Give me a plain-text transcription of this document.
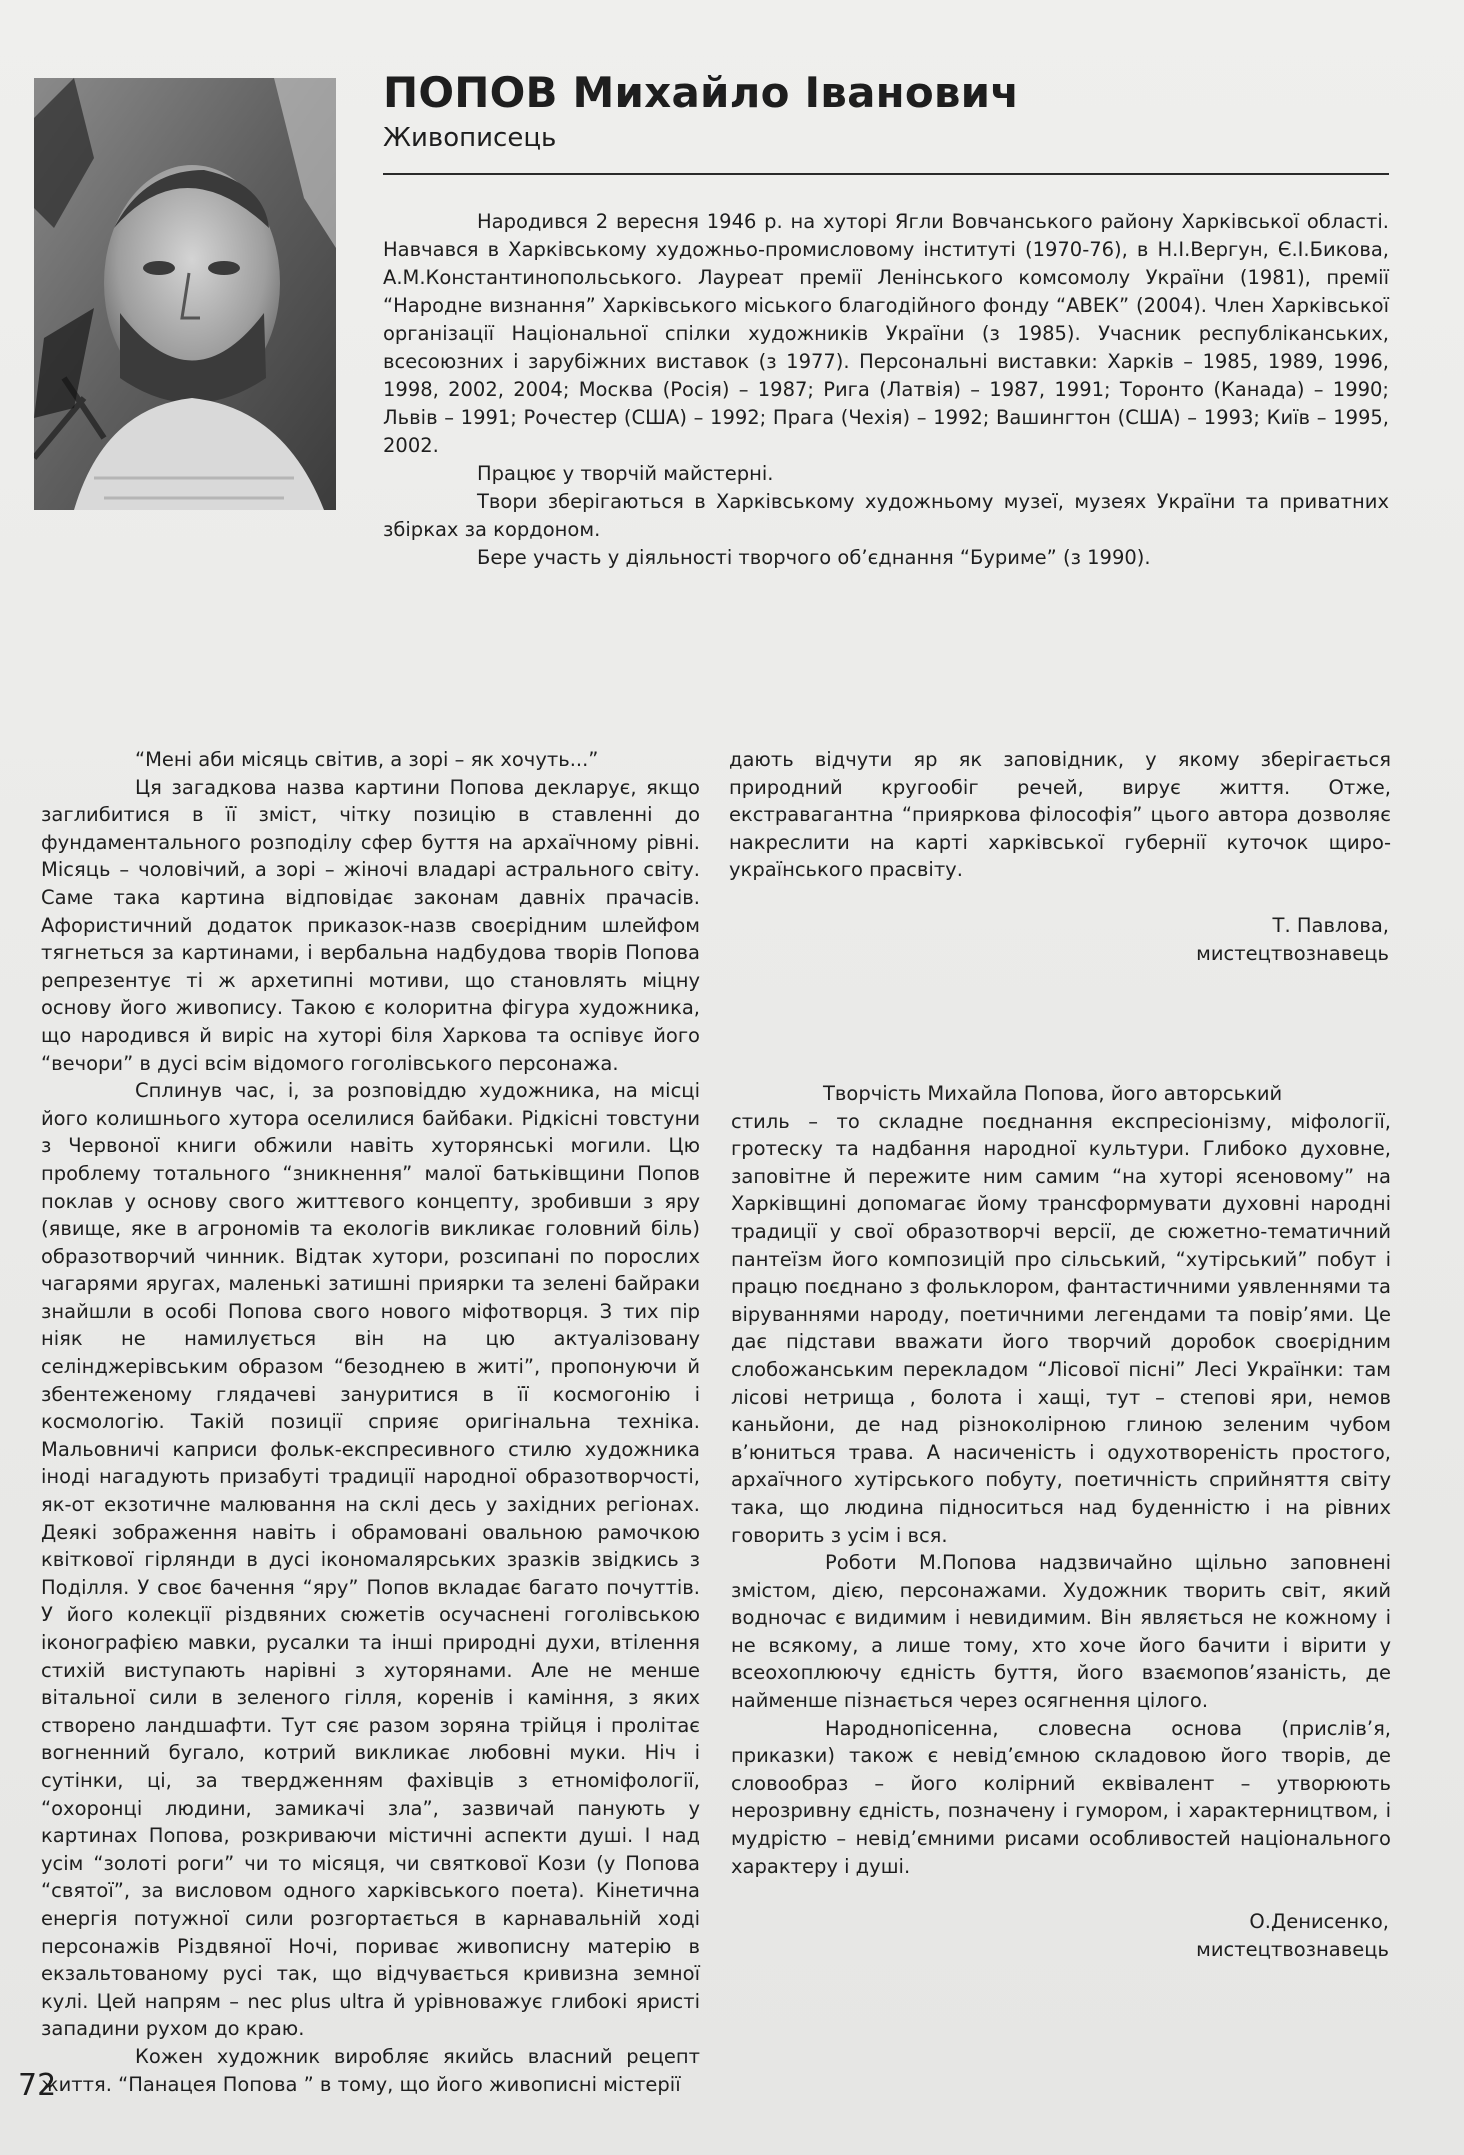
ПОПОВ Михайло Іванович
Живописець

Народився 2 вересня 1946 р. на хуторі Ягли Вовчанського району Харківської області. Навчався в Харківському художньо-промисловому інституті (1970-76), в Н.І.Вергун, Є.І.Бикова, А.М.Константинопольського. Лауреат премії Ленінського комсомолу України (1981), премії “Народне визнання” Харківського міського благодійного фонду “АВЕК” (2004). Член Харківської організації Національної спілки художників України (з 1985). Учасник республіканських, всесоюзних і зарубіжних виставок (з 1977). Персональні виставки: Харків – 1985, 1989, 1996, 1998, 2002, 2004; Москва (Росія) – 1987; Рига (Латвія) – 1987, 1991; Торонто (Канада) – 1990; Львів – 1991; Рочестер (США) – 1992; Прага (Чехія) – 1992; Вашингтон (США) – 1993; Київ – 1995, 2002.

Працює у творчій майстерні.

Твори зберігаються в Харківському художньому музеї, музеях України та приватних збірках за кордоном.

Бере участь у діяльності творчого об’єднання “Буриме” (з 1990).

“Мені аби місяць світив, а зорі – як хочуть...”

Ця загадкова назва картини Попова декларує, якщо заглибитися в її зміст, чітку позицію в ставленні до фундаментального розподілу сфер буття на архаїчному рівні. Місяць – чоловічий, а зорі – жіночі владарі астрального світу. Саме така картина відповідає законам давніх прачасів. Афористичний додаток приказок-назв своєрідним шлейфом тягнеться за картинами, і вербальна надбудова творів Попова репрезентує ті ж архетипні мотиви, що становлять міцну основу його живопису. Такою є колоритна фігура художника, що народився й виріс на хуторі біля Харкова та оспівує його “вечори” в дусі всім відомого гоголівського персонажа.

Сплинув час, і, за розповіддю художника, на місці його колишнього хутора оселилися байбаки. Рідкісні товстуни з Червоної книги обжили навіть хуторянські могили. Цю проблему тотального “зникнення” малої батьківщини Попов поклав у основу свого життєвого концепту, зробивши з яру (явище, яке в агрономів та екологів викликає головний біль) образотворчий чинник. Відтак хутори, розсипані по порослих чагарями яругах, маленькі затишні приярки та зелені байраки знайшли в особі Попова свого нового міфотворця. З тих пір ніяк не намилується він на цю актуалізовану селінджерівським образом “безоднею в житі”, пропонуючи й збентеженому глядачеві зануритися в її космогонію і космологію. Такій позиції сприяє оригінальна техніка. Мальовничі каприси фольк-експресивного стилю художника іноді нагадують призабуті традиції народної образотворчості, як-от екзотичне малювання на склі десь у західних регіонах. Деякі зображення навіть і обрамовані овальною рамочкою квіткової гірлянди в дусі ікономалярських зразків звідкись з Поділля. У своє бачення “яру” Попов вкладає багато почуттів. У його колекції різдвяних сюжетів осучаснені гоголівською іконографією мавки, русалки та інші природні духи, втілення стихій виступають нарівні з хуторянами. Але не менше вітальної сили в зеленого гілля, коренів і каміння, з яких створено ландшафти. Тут сяє разом зоряна трійця і пролітає вогненний бугало, котрий викликає любовні муки. Ніч і сутінки, ці, за твердженням фахівців з етноміфології, “охоронці людини, замикачі зла”, зазвичай панують у картинах Попова, розкриваючи містичні аспекти душі. І над усім “золоті роги” чи то місяця, чи святкової Кози (у Попова “святої”, за висловом одного харківського поета). Кінетична енергія потужної сили розгортається в карнавальній ході персонажів Різдвяної Ночі, пориває живописну матерію в екзальтованому русі так, що відчувається кривизна земної кулі. Цей напрям – nec plus ultra й урівноважує глибокі яристі западини рухом до краю.

Кожен художник виробляє якийсь власний рецепт життя. “Панацея Попова ” в тому, що його живописні містерії

дають відчути яр як заповідник, у якому зберігається природний кругообіг речей, вирує життя. Отже, екстравагантна “прияркова філософія” цього автора дозволяє накреслити на карті харківської губернії куточок щиро-українського прасвіту.

Т. Павлова,
мистецтвознавець

Творчість Михайла Попова, його авторський

стиль – то складне поєднання експресіонізму, міфології, гротеску та надбання народної культури. Глибоко духовне, заповітне й пережите ним самим “на хуторі ясеновому” на Харківщині допомагає йому трансформувати духовні народні традиції у свої образотворчі версії, де сюжетно-тематичний пантеїзм його композицій про сільський, “хутірський” побут і працю поєднано з фольклором, фантастичними уявленнями та віруваннями народу, поетичними легендами та повір’ями. Це дає підстави вважати його творчий доробок своєрідним слобожанським перекладом “Лісової пісні” Лесі Українки: там лісові нетрища , болота і хащі, тут – степові яри, немов каньйони, де над різноколірною глиною зеленим чубом в’юниться трава. А насиченість і одухотвореність простого, архаїчного хутірського побуту, поетичність сприйняття світу така, що людина підноситься над буденністю і на рівних говорить з усім і вся.

Роботи М.Попова надзвичайно щільно заповнені змістом, дією, персонажами. Художник творить світ, який водночас є видимим і невидимим. Він являється не кожному і не всякому, а лише тому, хто хоче його бачити і вірити у всеохоплюючу єдність буття, його взаємопов’язаність, де найменше пізнається через осягнення цілого.

Народнопісенна, словесна основа (прислів’я, приказки) також є невід’ємною складовою його творів, де словообраз – його колірний еквівалент – утворюють нерозривну єдність, позначену і гумором, і характерництвом, і мудрістю – невід’ємними рисами особливостей національного характеру і душі.

О.Денисенко,
мистецтвознавець
72
